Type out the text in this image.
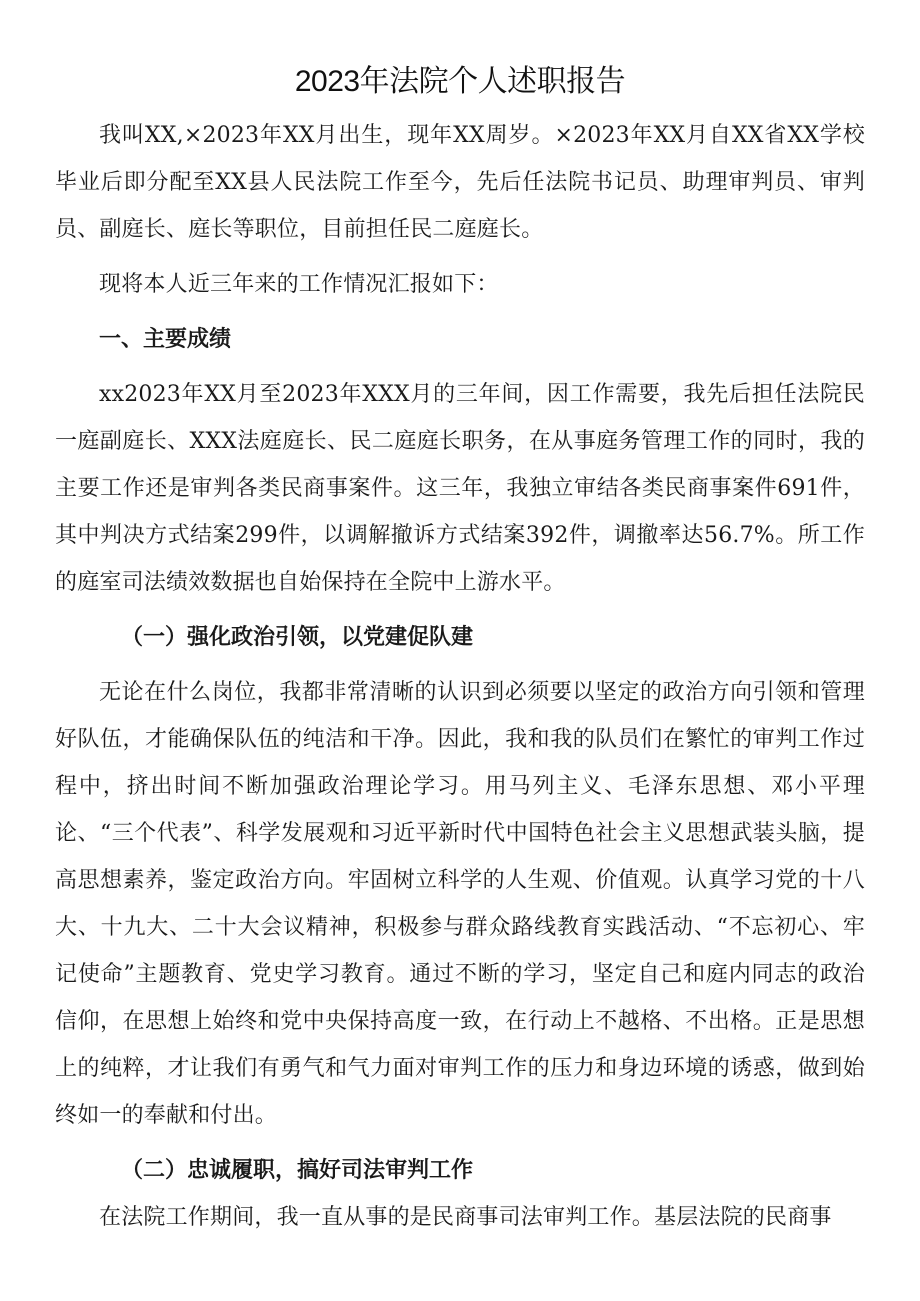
2023年法院个人述职报告

我叫XX,×2023年XX月出生，现年XX周岁。×2023年XX月自XX省XX学校毕业后即分配至XX县人民法院工作至今，先后任法院书记员、助理审判员、审判员、副庭长、庭长等职位，目前担任民二庭庭长。

现将本人近三年来的工作情况汇报如下：

一、主要成绩

xx2023年XX月至2023年XXX月的三年间，因工作需要，我先后担任法院民一庭副庭长、XXX法庭庭长、民二庭庭长职务，在从事庭务管理工作的同时，我的主要工作还是审判各类民商事案件。这三年，我独立审结各类民商事案件691件，其中判决方式结案299件，以调解撤诉方式结案392件，调撤率达56.7%。所工作的庭室司法绩效数据也自始保持在全院中上游水平。

（一）强化政治引领，以党建促队建

无论在什么岗位，我都非常清晰的认识到必须要以坚定的政治方向引领和管理好队伍，才能确保队伍的纯洁和干净。因此，我和我的队员们在繁忙的审判工作过程中，挤出时间不断加强政治理论学习。用马列主义、毛泽东思想、邓小平理论、“三个代表”、科学发展观和习近平新时代中国特色社会主义思想武装头脑，提高思想素养，鉴定政治方向。牢固树立科学的人生观、价值观。认真学习党的十八大、十九大、二十大会议精神，积极参与群众路线教育实践活动、“不忘初心、牢记使命”主题教育、党史学习教育。通过不断的学习，坚定自己和庭内同志的政治信仰，在思想上始终和党中央保持高度一致，在行动上不越格、不出格。正是思想上的纯粹，才让我们有勇气和气力面对审判工作的压力和身边环境的诱惑，做到始终如一的奉献和付出。

（二）忠诚履职，搞好司法审判工作

在法院工作期间，我一直从事的是民商事司法审判工作。基层法院的民商事
